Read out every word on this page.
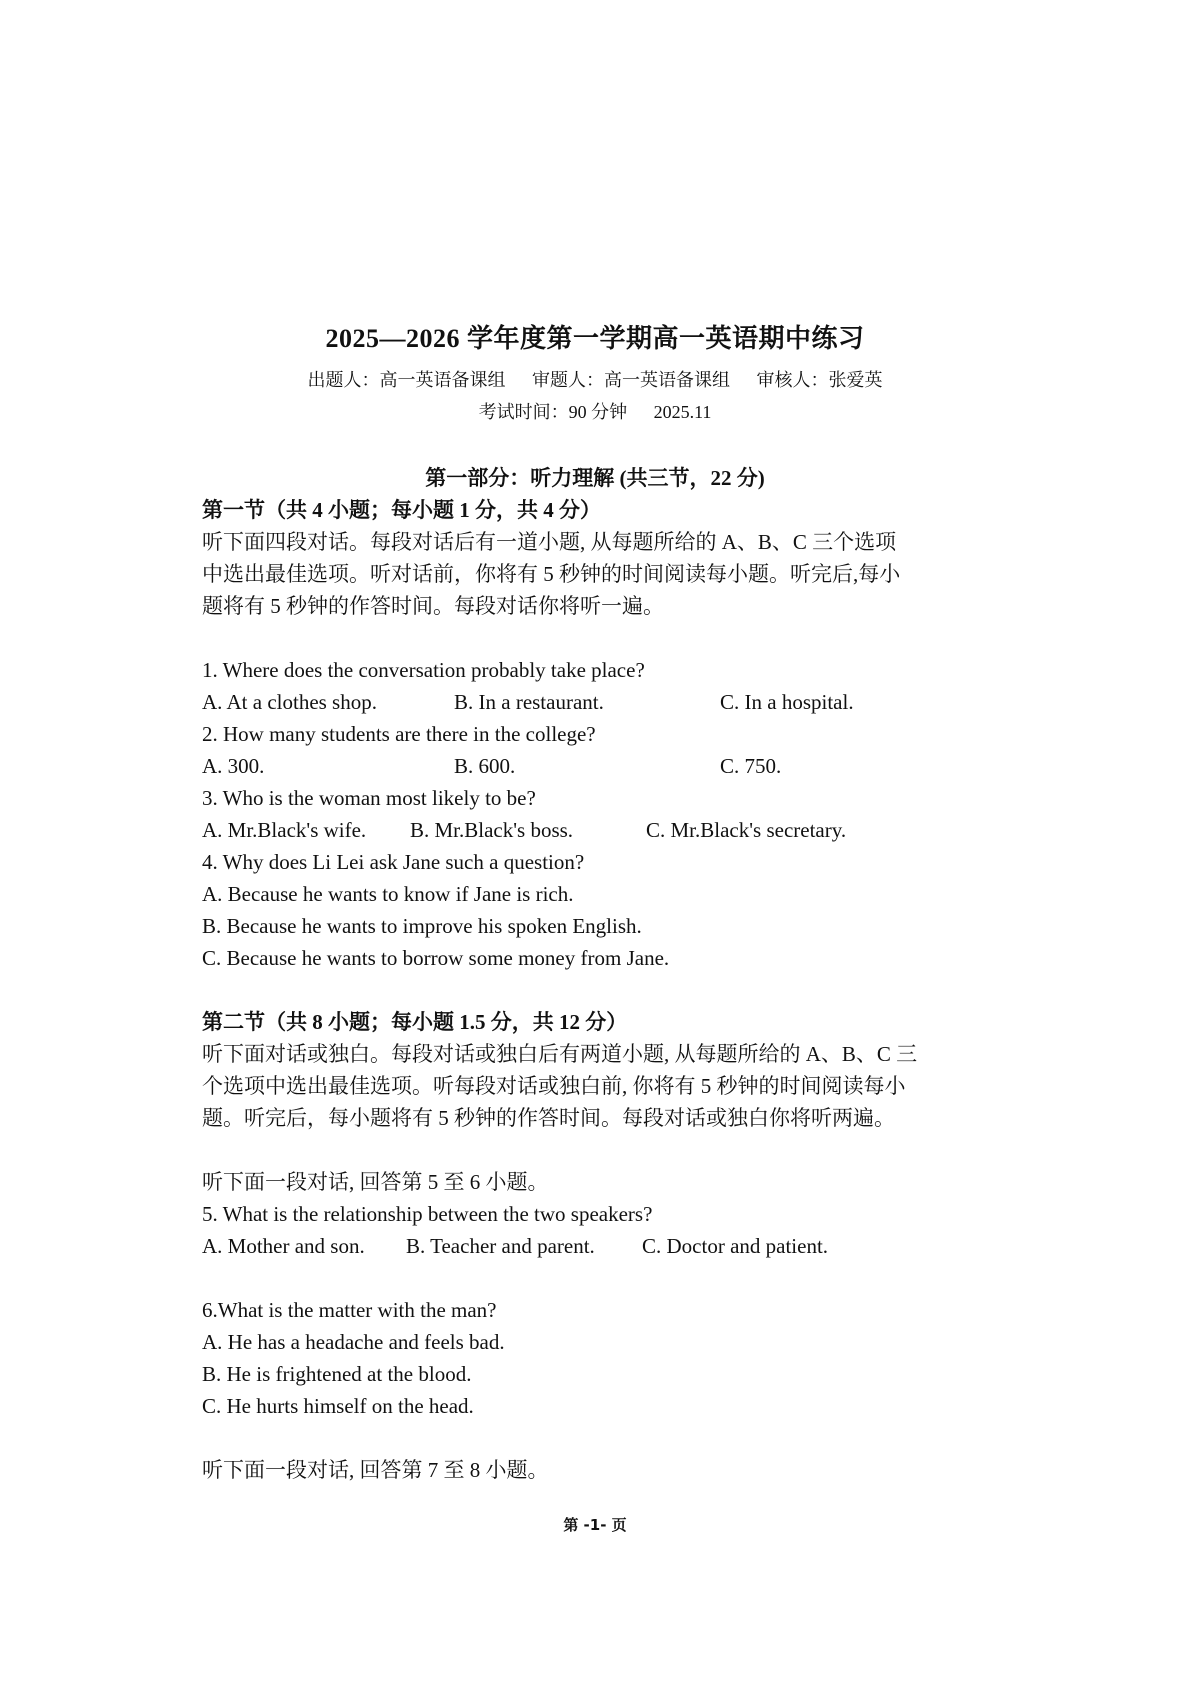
2025—2026 学年度第一学期高一英语期中练习
出题人：高一英语备课组 审题人：高一英语备课组 审核人：张爱英
考试时间：90 分钟 2025.11
第一部分：听力理解 (共三节，22 分)
第一节（共 4 小题；每小题 1 分，共 4 分）
听下面四段对话。每段对话后有一道小题, 从每题所给的 A、B、C 三个选项
中选出最佳选项。听对话前，你将有 5 秒钟的时间阅读每小题。听完后,每小
题将有 5 秒钟的作答时间。每段对话你将听一遍。
1. Where does the conversation probably take place?
A. At a clothes shop.	B. In a restaurant.	C. In a hospital.
2. How many students are there in the college?
A. 300.	B. 600.	C. 750.
3. Who is the woman most likely to be?
A. Mr.Black's wife.	B. Mr.Black's boss.	C. Mr.Black's secretary.
4. Why does Li Lei ask Jane such a question?
A. Because he wants to know if Jane is rich.
B. Because he wants to improve his spoken English.
C. Because he wants to borrow some money from Jane.
第二节（共 8 小题；每小题 1.5 分，共 12 分）
听下面对话或独白。每段对话或独白后有两道小题, 从每题所给的 A、B、C 三
个选项中选出最佳选项。听每段对话或独白前, 你将有 5 秒钟的时间阅读每小
题。听完后，每小题将有 5 秒钟的作答时间。每段对话或独白你将听两遍。
听下面一段对话, 回答第 5 至 6 小题。
5. What is the relationship between the two speakers?
A. Mother and son.	B. Teacher and parent.	C. Doctor and patient.
6.What is the matter with the man?
A. He has a headache and feels bad.
B. He is frightened at the blood.
C. He hurts himself on the head.
听下面一段对话, 回答第 7 至 8 小题。
第 -1- 页
